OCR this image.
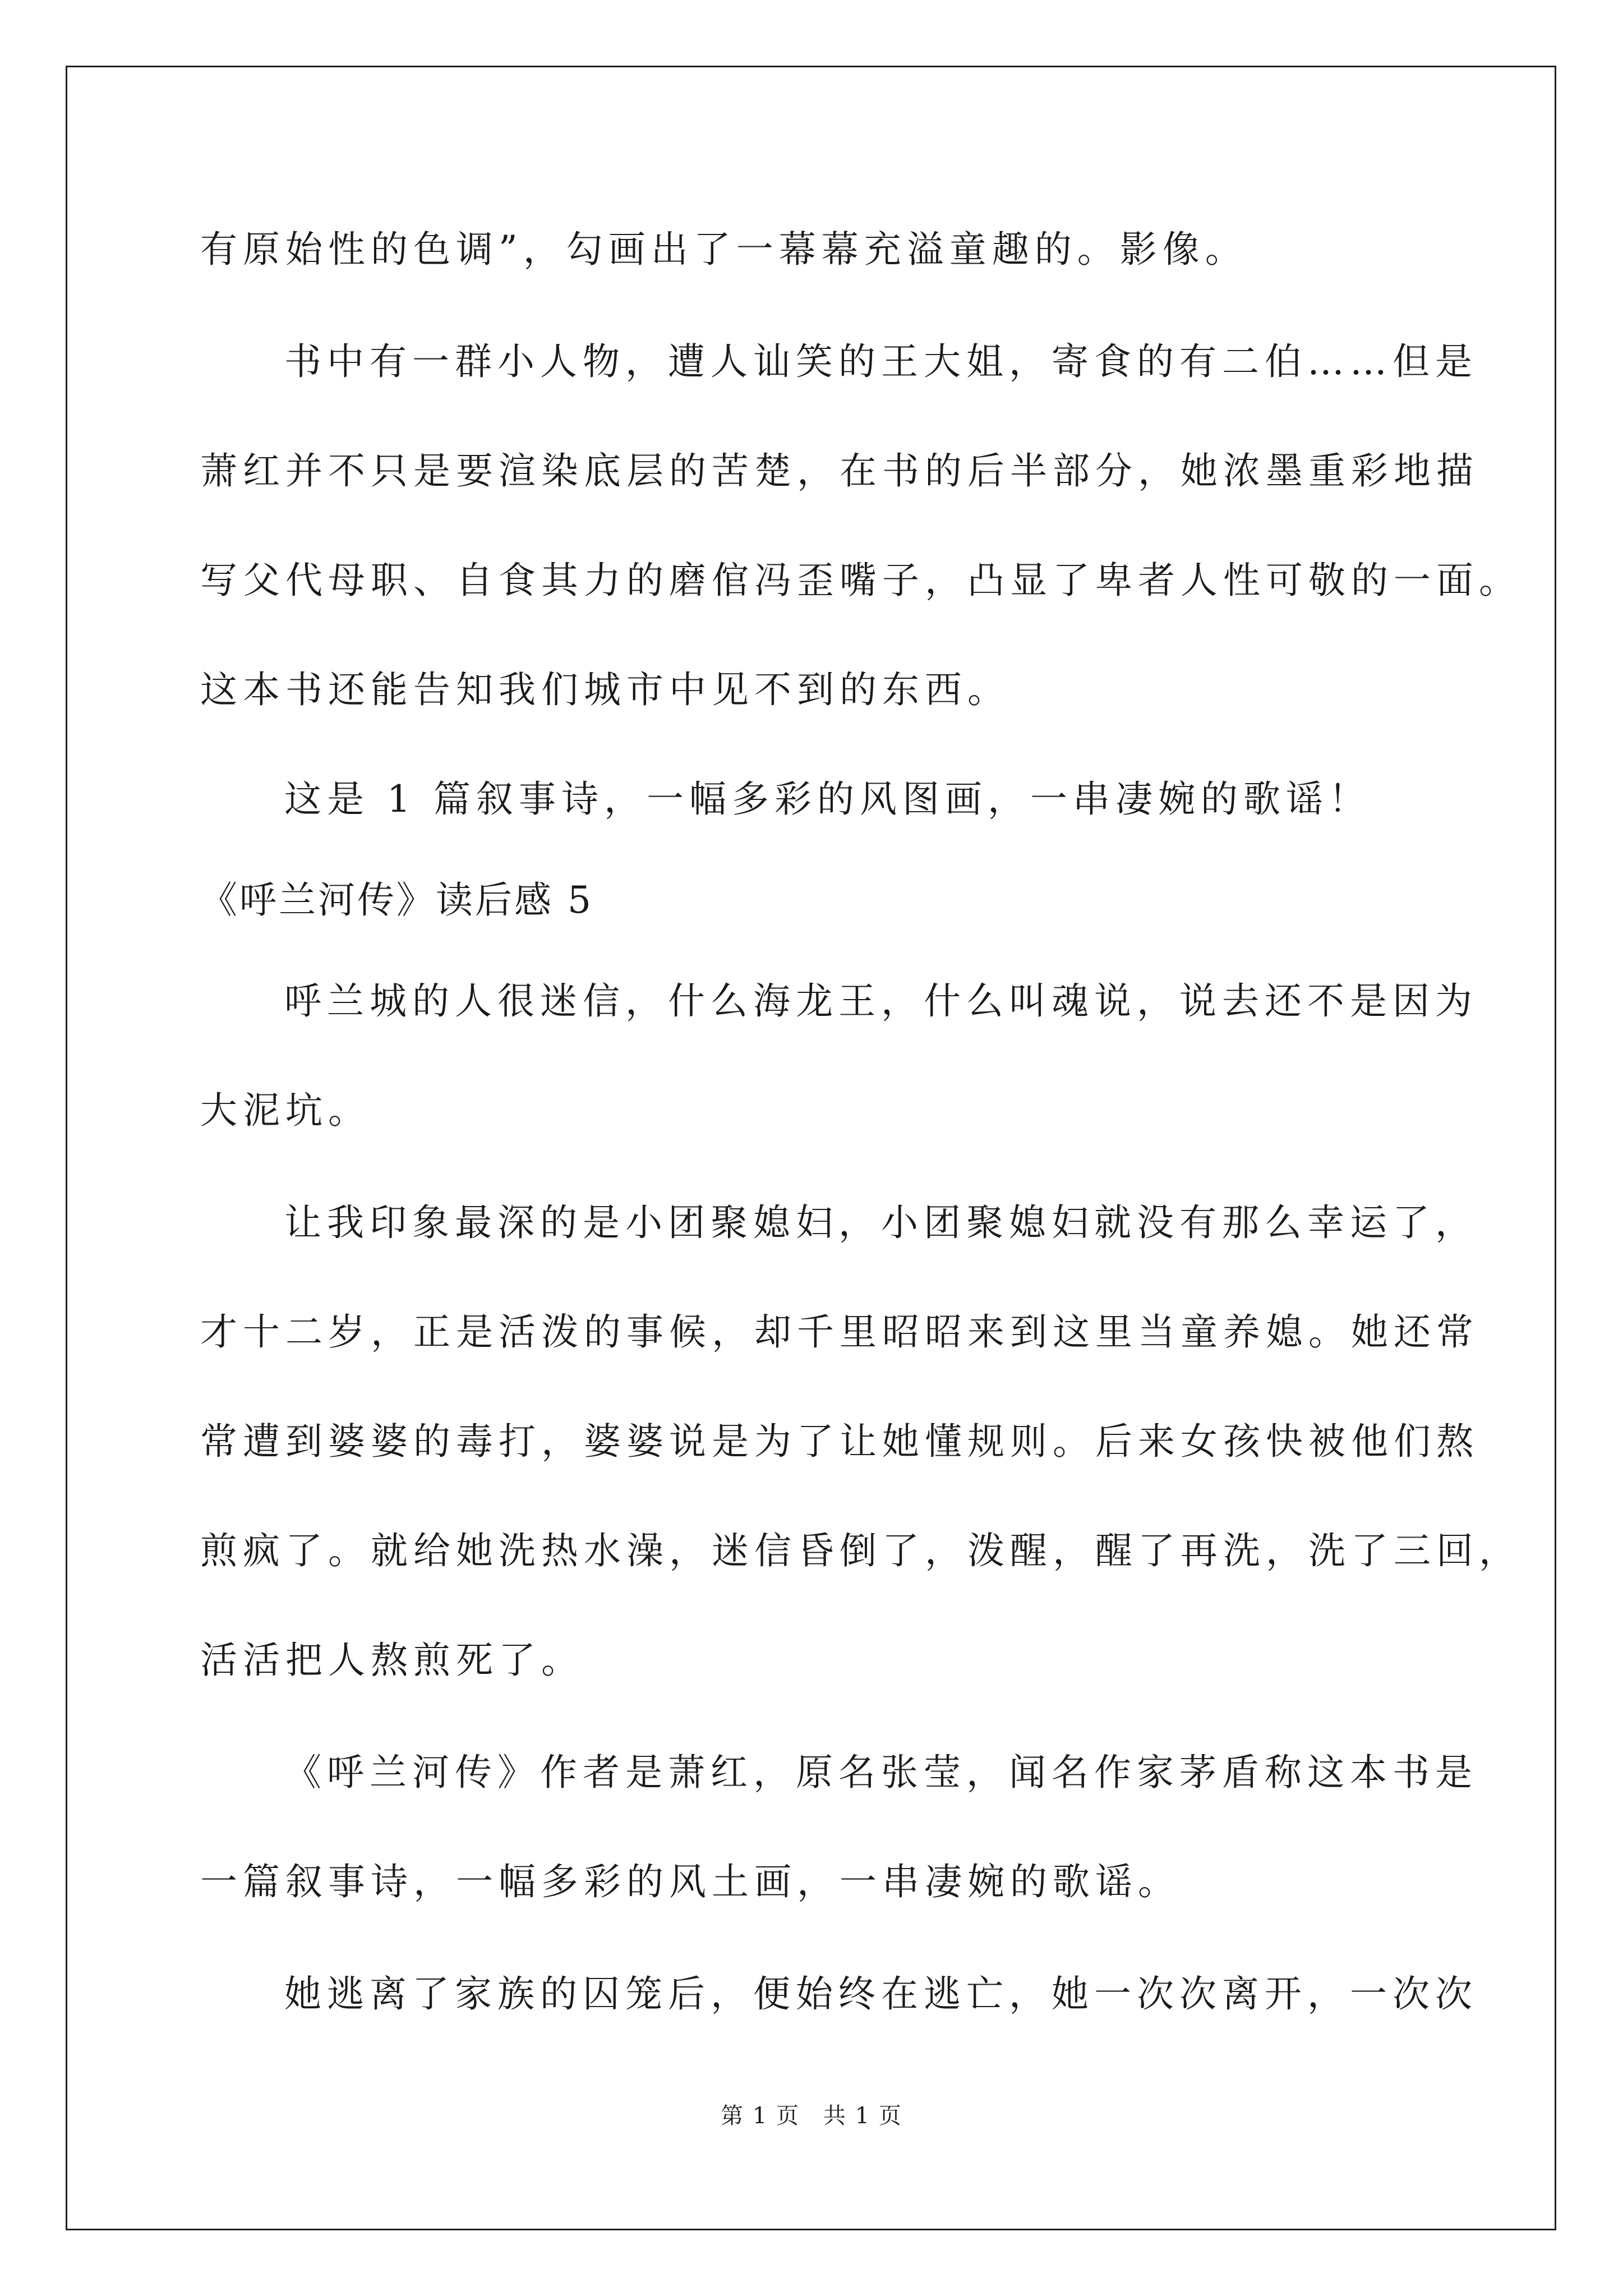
有原始性的色调”，勾画出了一幕幕充溢童趣的。影像。

书中有一群小人物，遭人讪笑的王大姐，寄食的有二伯……但是

萧红并不只是要渲染底层的苦楚，在书的后半部分，她浓墨重彩地描

写父代母职、自食其力的磨倌冯歪嘴子，凸显了卑者人性可敬的一面。

这本书还能告知我们城市中见不到的东西。

这是 1 篇叙事诗，一幅多彩的风图画，一串凄婉的歌谣！

《呼兰河传》读后感 5

呼兰城的人很迷信，什么海龙王，什么叫魂说，说去还不是因为

大泥坑。

让我印象最深的是小团聚媳妇，小团聚媳妇就没有那么幸运了，

才十二岁，正是活泼的事候，却千里昭昭来到这里当童养媳。她还常

常遭到婆婆的毒打，婆婆说是为了让她懂规则。后来女孩快被他们熬

煎疯了。就给她洗热水澡，迷信昏倒了，泼醒，醒了再洗，洗了三回，

活活把人熬煎死了。

《呼兰河传》作者是萧红，原名张莹，闻名作家茅盾称这本书是

一篇叙事诗，一幅多彩的风土画，一串凄婉的歌谣。

她逃离了家族的囚笼后，便始终在逃亡，她一次次离开，一次次

第 1 页　共 1 页
